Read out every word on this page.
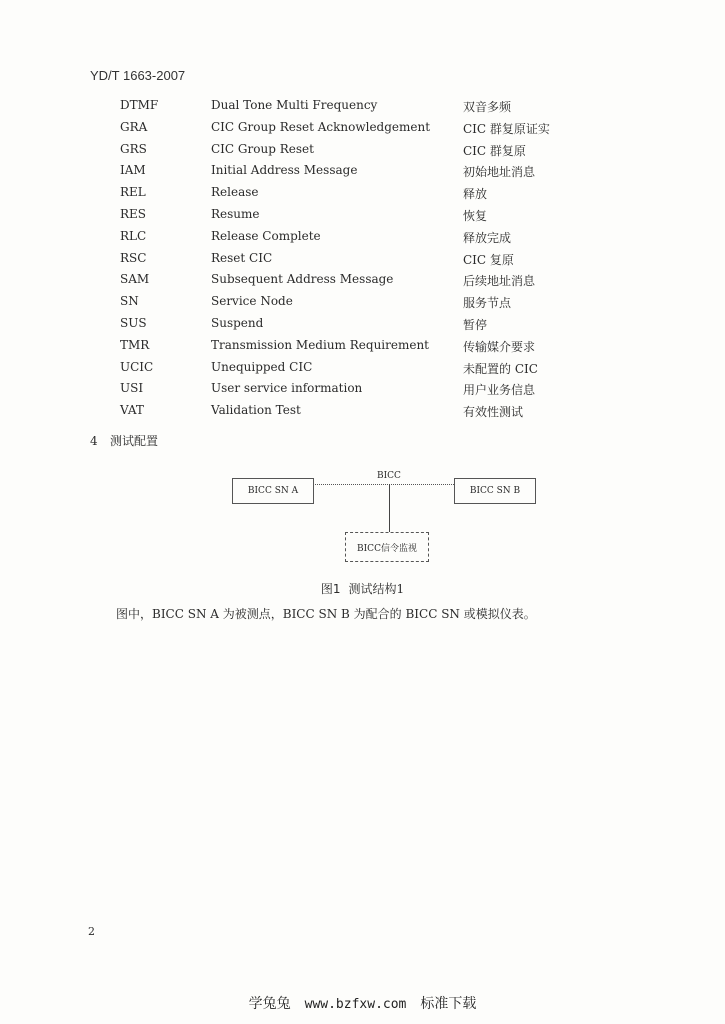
YD/T 1663-2007
DTMF	Dual Tone Multi Frequency	双音多频
GRA	CIC Group Reset Acknowledgement	CIC 群复原证实
GRS	CIC Group Reset	CIC 群复原
IAM	Initial Address Message	初始地址消息
REL	Release	释放
RES	Resume	恢复
RLC	Release Complete	释放完成
RSC	Reset CIC	CIC 复原
SAM	Subsequent Address Message	后续地址消息
SN	Service Node	服务节点
SUS	Suspend	暂停
TMR	Transmission Medium Requirement	传输媒介要求
UCIC	Unequipped CIC	未配置的 CIC
USI	User service information	用户业务信息
VAT	Validation Test	有效性测试
4 测试配置
BICC SN A	BICC SN B
BICC
BICC信令监视
图1 测试结构1
图中，BICC SN A 为被测点，BICC SN B 为配合的 BICC SN 或模拟仪表。
2
学兔兔 www.bzfxw.com 标准下载
